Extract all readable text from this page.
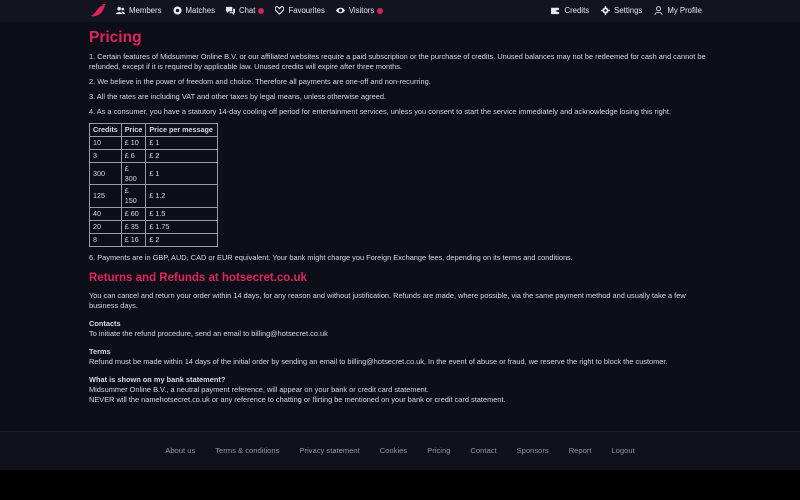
Members	Matches	Chat	Favourites	Visitors	Credits	Settings	My Profile
Pricing

1. Certain features of Midsummer Online B.V. or our affiliated websites require a paid subscription or the purchase of credits. Unused balances may not be redeemed for cash and cannot be refunded, except if it is required by applicable law. Unused credits will expire after three months.

2. We believe in the power of freedom and choice. Therefore all payments are one-off and non-recurring.

3. All the rates are including VAT and other taxes by legal means, unless otherwise agreed.

4. As a consumer, you have a statutory 14-day cooling-off period for entertainment services, unless you consent to start the service immediately and acknowledge losing this right.

Credits	Price	Price per message
10	£ 10	£ 1
3	£ 6	£ 2
300	£ 300	£ 1
125	£ 150	£ 1.2
40	£ 60	£ 1.5
20	£ 35	£ 1.75
8	£ 16	£ 2

6. Payments are in GBP, AUD, CAD or EUR equivalent. Your bank might charge you Foreign Exchange fees, depending on its terms and conditions.

Returns and Refunds at hotsecret.co.uk

You can cancel and return your order within 14 days, for any reason and without justification. Refunds are made, where possible, via the same payment method and usually take a few business days.

Contacts
To initiate the refund procedure, send an email to billing@hotsecret.co.uk
Terms
Refund must be made within 14 days of the initial order by sending an email to billing@hotsecret.co.uk, In the event of abuse or fraud, we reserve the right to block the customer.
What is shown on my bank statement?
Midsummer Online B.V., a neutral payment reference, will appear on your bank or credit card statement.
NEVER will the namehotsecret.co.uk or any reference to chatting or flirting be mentioned on your bank or credit card statement.
About us	Terms & conditions	Privacy statement	Cookies	Pricing	Contact	Sponsors	Report	Logout
